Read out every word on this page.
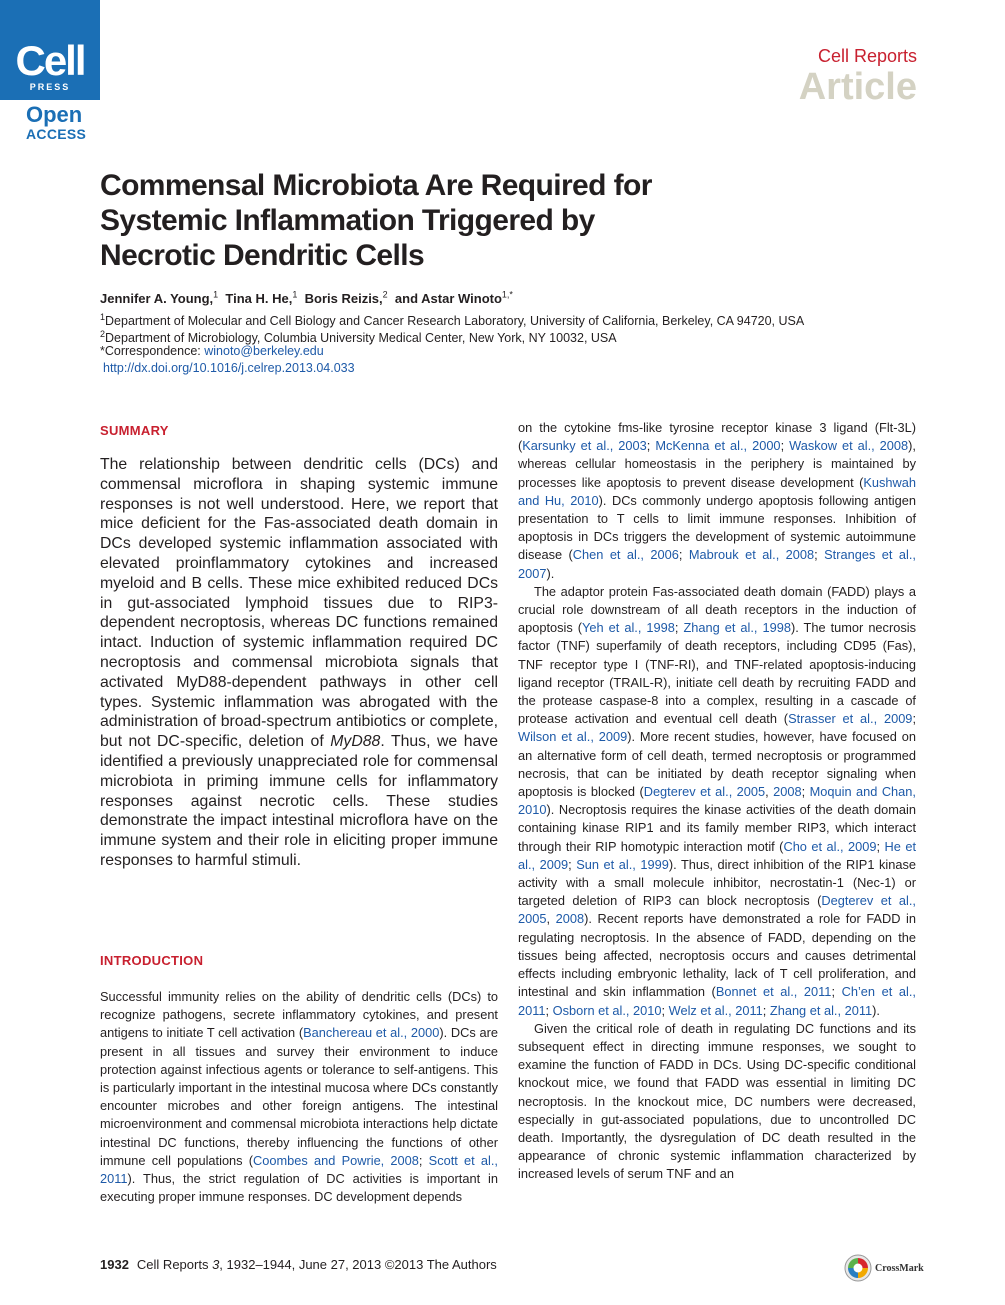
Cell
PRESS
Open
ACCESS
Cell Reports
Article
Commensal Microbiota Are Required for Systemic Inflammation Triggered by Necrotic Dendritic Cells
Jennifer A. Young,$^1$ Tina H. He,$^1$ Boris Reizis,$^2$ and Astar Winoto$^{1,*}$
$^1$Department of Molecular and Cell Biology and Cancer Research Laboratory, University of California, Berkeley, CA 94720, USA
$^2$Department of Microbiology, Columbia University Medical Center, New York, NY 10032, USA
*Correspondence: winoto@berkeley.edu
http://dx.doi.org/10.1016/j.celrep.2013.04.033
SUMMARY

The relationship between dendritic cells (DCs) and commensal microflora in shaping systemic immune responses is not well understood. Here, we report that mice deficient for the Fas-associated death domain in DCs developed systemic inflammation associated with elevated proinflammatory cytokines and increased myeloid and B cells. These mice exhibited reduced DCs in gut-associated lymphoid tissues due to RIP3-dependent necroptosis, whereas DC functions remained intact. Induction of systemic inflammation required DC necroptosis and commensal microbiota signals that activated MyD88-dependent pathways in other cell types. Systemic inflammation was abrogated with the administration of broad-spectrum antibiotics or complete, but not DC-specific, deletion of MyD88. Thus, we have identified a previously unappreciated role for commensal microbiota in priming immune cells for inflammatory responses against necrotic cells. These studies demonstrate the impact intestinal microflora have on the immune system and their role in eliciting proper immune responses to harmful stimuli.

INTRODUCTION

Successful immunity relies on the ability of dendritic cells (DCs) to recognize pathogens, secrete inflammatory cytokines, and present antigens to initiate T cell activation (Banchereau et al., 2000). DCs are present in all tissues and survey their environment to induce protection against infectious agents or tolerance to self-antigens. This is particularly important in the intestinal mucosa where DCs constantly encounter microbes and other foreign antigens. The intestinal microenvironment and commensal microbiota interactions help dictate intestinal DC functions, thereby influencing the functions of other immune cell populations (Coombes and Powrie, 2008; Scott et al., 2011). Thus, the strict regulation of DC activities is important in executing proper immune responses. DC development depends

on the cytokine fms-like tyrosine receptor kinase 3 ligand (Flt-3L) (Karsunky et al., 2003; McKenna et al., 2000; Waskow et al., 2008), whereas cellular homeostasis in the periphery is maintained by processes like apoptosis to prevent disease development (Kushwah and Hu, 2010). DCs commonly undergo apoptosis following antigen presentation to T cells to limit immune responses. Inhibition of apoptosis in DCs triggers the development of systemic autoimmune disease (Chen et al., 2006; Mabrouk et al., 2008; Stranges et al., 2007).

The adaptor protein Fas-associated death domain (FADD) plays a crucial role downstream of all death receptors in the induction of apoptosis (Yeh et al., 1998; Zhang et al., 1998). The tumor necrosis factor (TNF) superfamily of death receptors, including CD95 (Fas), TNF receptor type I (TNF-RI), and TNF-related apoptosis-inducing ligand receptor (TRAIL-R), initiate cell death by recruiting FADD and the protease caspase-8 into a complex, resulting in a cascade of protease activation and eventual cell death (Strasser et al., 2009; Wilson et al., 2009). More recent studies, however, have focused on an alternative form of cell death, termed necroptosis or programmed necrosis, that can be initiated by death receptor signaling when apoptosis is blocked (Degterev et al., 2005, 2008; Moquin and Chan, 2010). Necroptosis requires the kinase activities of the death domain containing kinase RIP1 and its family member RIP3, which interact through their RIP homotypic interaction motif (Cho et al., 2009; He et al., 2009; Sun et al., 1999). Thus, direct inhibition of the RIP1 kinase activity with a small molecule inhibitor, necrostatin-1 (Nec-1) or targeted deletion of RIP3 can block necroptosis (Degterev et al., 2005, 2008). Recent reports have demonstrated a role for FADD in regulating necroptosis. In the absence of FADD, depending on the tissues being affected, necroptosis occurs and causes detrimental effects including embryonic lethality, lack of T cell proliferation, and intestinal and skin inflammation (Bonnet et al., 2011; Ch’en et al., 2011; Osborn et al., 2010; Welz et al., 2011; Zhang et al., 2011).

Given the critical role of death in regulating DC functions and its subsequent effect in directing immune responses, we sought to examine the function of FADD in DCs. Using DC-specific conditional knockout mice, we found that FADD was essential in limiting DC necroptosis. In the knockout mice, DC numbers were decreased, especially in gut-associated populations, due to uncontrolled DC death. Importantly, the dysregulation of DC death resulted in the appearance of chronic systemic inflammation characterized by increased levels of serum TNF and an

1932 Cell Reports 3, 1932–1944, June 27, 2013 ©2013 The Authors	CrossMark
